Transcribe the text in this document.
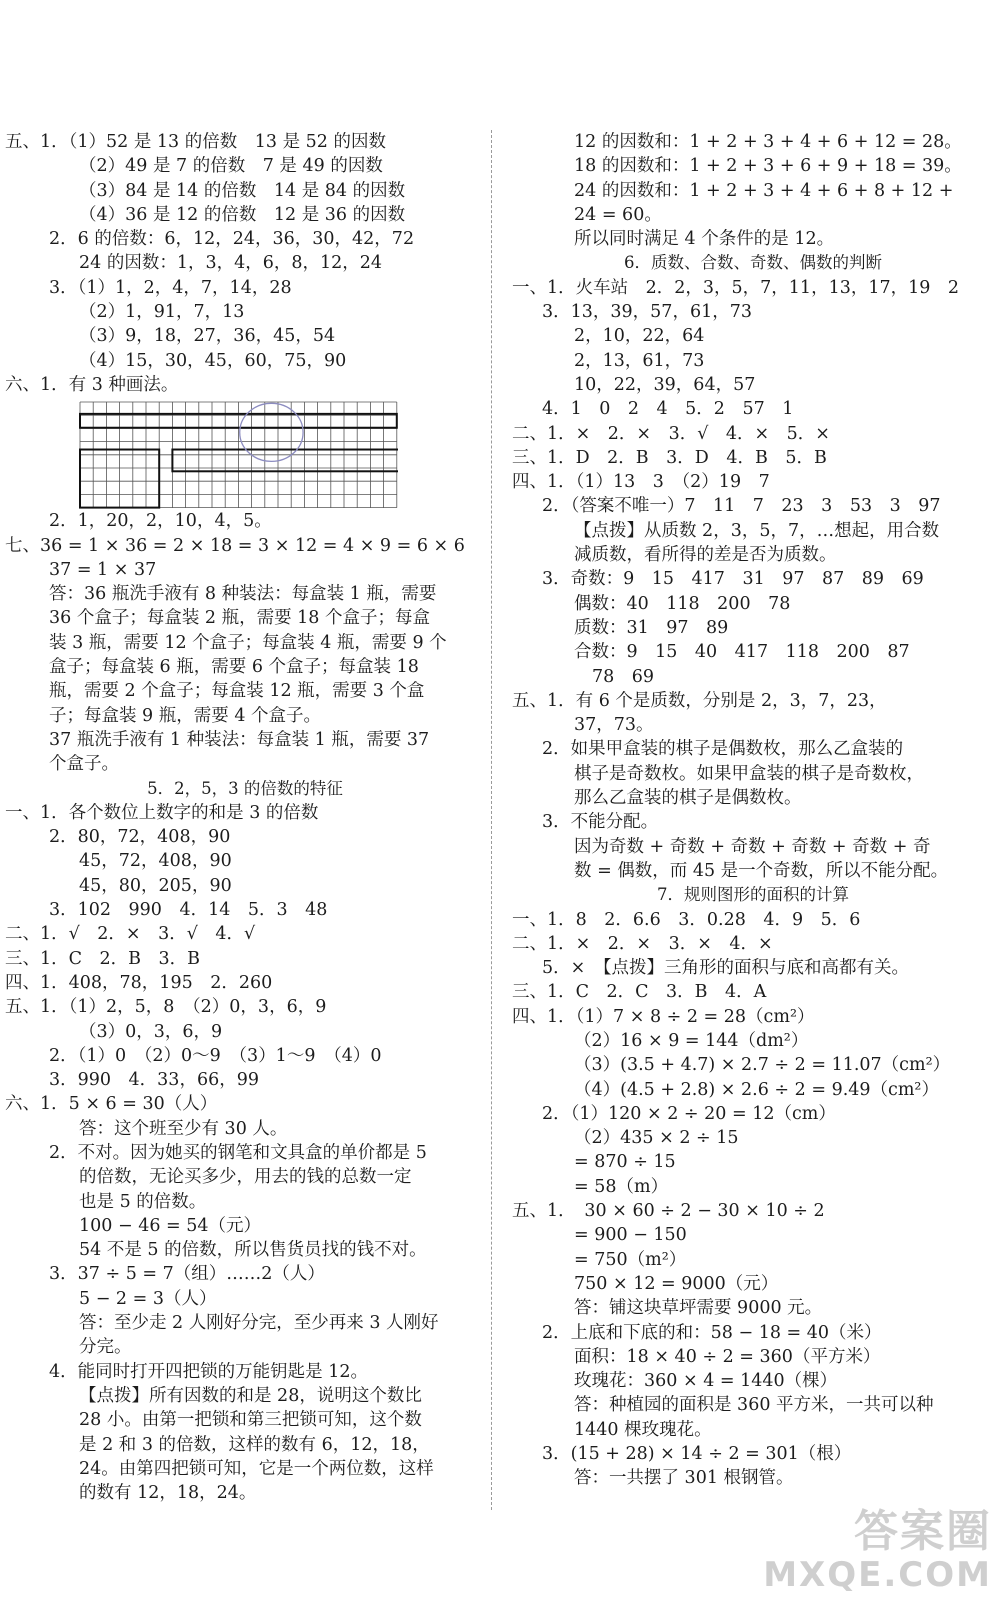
五、1．（1）52 是 13 的倍数　13 是 52 的因数
（2）49 是 7 的倍数　7 是 49 的因数
（3）84 是 14 的倍数　14 是 84 的因数
（4）36 是 12 的倍数　12 是 36 的因数
2．6 的倍数：6，12，24，36，30，42，72
24 的因数：1，3，4，6，8，12，24
3．（1）1，2，4，7，14，28
（2）1，91，7，13
（3）9，18，27，36，45，54
（4）15，30，45，60，75，90
六、1．有 3 种画法。
2．1，20，2，10，4，5。
七、36 = 1 × 36 = 2 × 18 = 3 × 12 = 4 × 9 = 6 × 6
37 = 1 × 37
答：36 瓶洗手液有 8 种装法：每盒装 1 瓶，需要
36 个盒子；每盒装 2 瓶，需要 18 个盒子；每盒
装 3 瓶，需要 12 个盒子；每盒装 4 瓶，需要 9 个
盒子；每盒装 6 瓶，需要 6 个盒子；每盒装 18
瓶，需要 2 个盒子；每盒装 12 瓶，需要 3 个盒
子；每盒装 9 瓶，需要 4 个盒子。
37 瓶洗手液有 1 种装法：每盒装 1 瓶，需要 37
个盒子。
5．2，5，3 的倍数的特征
一、1．各个数位上数字的和是 3 的倍数
2．80，72，408，90
45，72，408，90
45，80，205，90
3．102　990　4．14　5．3　48
二、1．√　2．×　3．√　4．√
三、1．C　2．B　3．B
四、1．408，78，195　2．260
五、1．（1）2，5，8　（2）0，3，6，9
（3）0，3，6，9
2．（1）0　（2）0～9　（3）1～9　（4）0
3．990　4．33，66，99
六、1．5 × 6 = 30（人）
答：这个班至少有 30 人。
2．不对。因为她买的钢笔和文具盒的单价都是 5
的倍数，无论买多少，用去的钱的总数一定
也是 5 的倍数。
100 − 46 = 54（元）
54 不是 5 的倍数，所以售货员找的钱不对。
3．37 ÷ 5 = 7（组）……2（人）
5 − 2 = 3（人）
答：至少走 2 人刚好分完，至少再来 3 人刚好
分完。
4．能同时打开四把锁的万能钥匙是 12。
【点拨】所有因数的和是 28，说明这个数比
28 小。由第一把锁和第三把锁可知，这个数
是 2 和 3 的倍数，这样的数有 6，12，18，
24。由第四把锁可知，它是一个两位数，这样
的数有 12，18，24。
12 的因数和：1 + 2 + 3 + 4 + 6 + 12 = 28。
18 的因数和：1 + 2 + 3 + 6 + 9 + 18 = 39。
24 的因数和：1 + 2 + 3 + 4 + 6 + 8 + 12 +
24 = 60。
所以同时满足 4 个条件的是 12。
6．质数、合数、奇数、偶数的判断
一、1．火车站　2．2，3，5，7，11，13，17，19　2
3．13，39，57，61，73
2，10，22，64
2，13，61，73
10，22，39，64，57
4．1　0　2　4　5．2　57　1
二、1．×　2．×　3．√　4．×　5．×
三、1．D　2．B　3．D　4．B　5．B
四、1．（1）13　3　（2）19　7
2．（答案不唯一）7　11　7　23　3　53　3　97
【点拨】从质数 2，3，5，7，…想起，用合数
减质数，看所得的差是否为质数。
3．奇数：9　15　417　31　97　87　89　69
偶数：40　118　200　78
质数：31　97　89
合数：9　15　40　417　118　200　87
78　69
五、1．有 6 个是质数，分别是 2，3，7，23，
37，73。
2．如果甲盒装的棋子是偶数枚，那么乙盒装的
棋子是奇数枚。如果甲盒装的棋子是奇数枚，
那么乙盒装的棋子是偶数枚。
3．不能分配。
因为奇数 + 奇数 + 奇数 + 奇数 + 奇数 + 奇
数 = 偶数，而 45 是一个奇数，所以不能分配。
7．规则图形的面积的计算
一、1．8　2．6.6　3．0.28　4．9　5．6
二、1．×　2．×　3．×　4．×
5．×　【点拨】三角形的面积与底和高都有关。
三、1．C　2．C　3．B　4．A
四、1．（1）7 × 8 ÷ 2 = 28（cm²）
（2）16 × 9 = 144（dm²）
（3）(3.5 + 4.7) × 2.7 ÷ 2 = 11.07（cm²）
（4）(4.5 + 2.8) × 2.6 ÷ 2 = 9.49（cm²）
2．（1）120 × 2 ÷ 20 = 12（cm）
（2）435 × 2 ÷ 15
= 870 ÷ 15
= 58（m）
五、1．　30 × 60 ÷ 2 − 30 × 10 ÷ 2
= 900 − 150
= 750（m²）
750 × 12 = 9000（元）
答：铺这块草坪需要 9000 元。
2．上底和下底的和：58 − 18 = 40（米）
面积：18 × 40 ÷ 2 = 360（平方米）
玫瑰花：360 × 4 = 1440（棵）
答：种植园的面积是 360 平方米，一共可以种
1440 棵玫瑰花。
3．(15 + 28) × 14 ÷ 2 = 301（根）
答：一共摆了 301 根钢管。
答案圈
MXQE.COM
